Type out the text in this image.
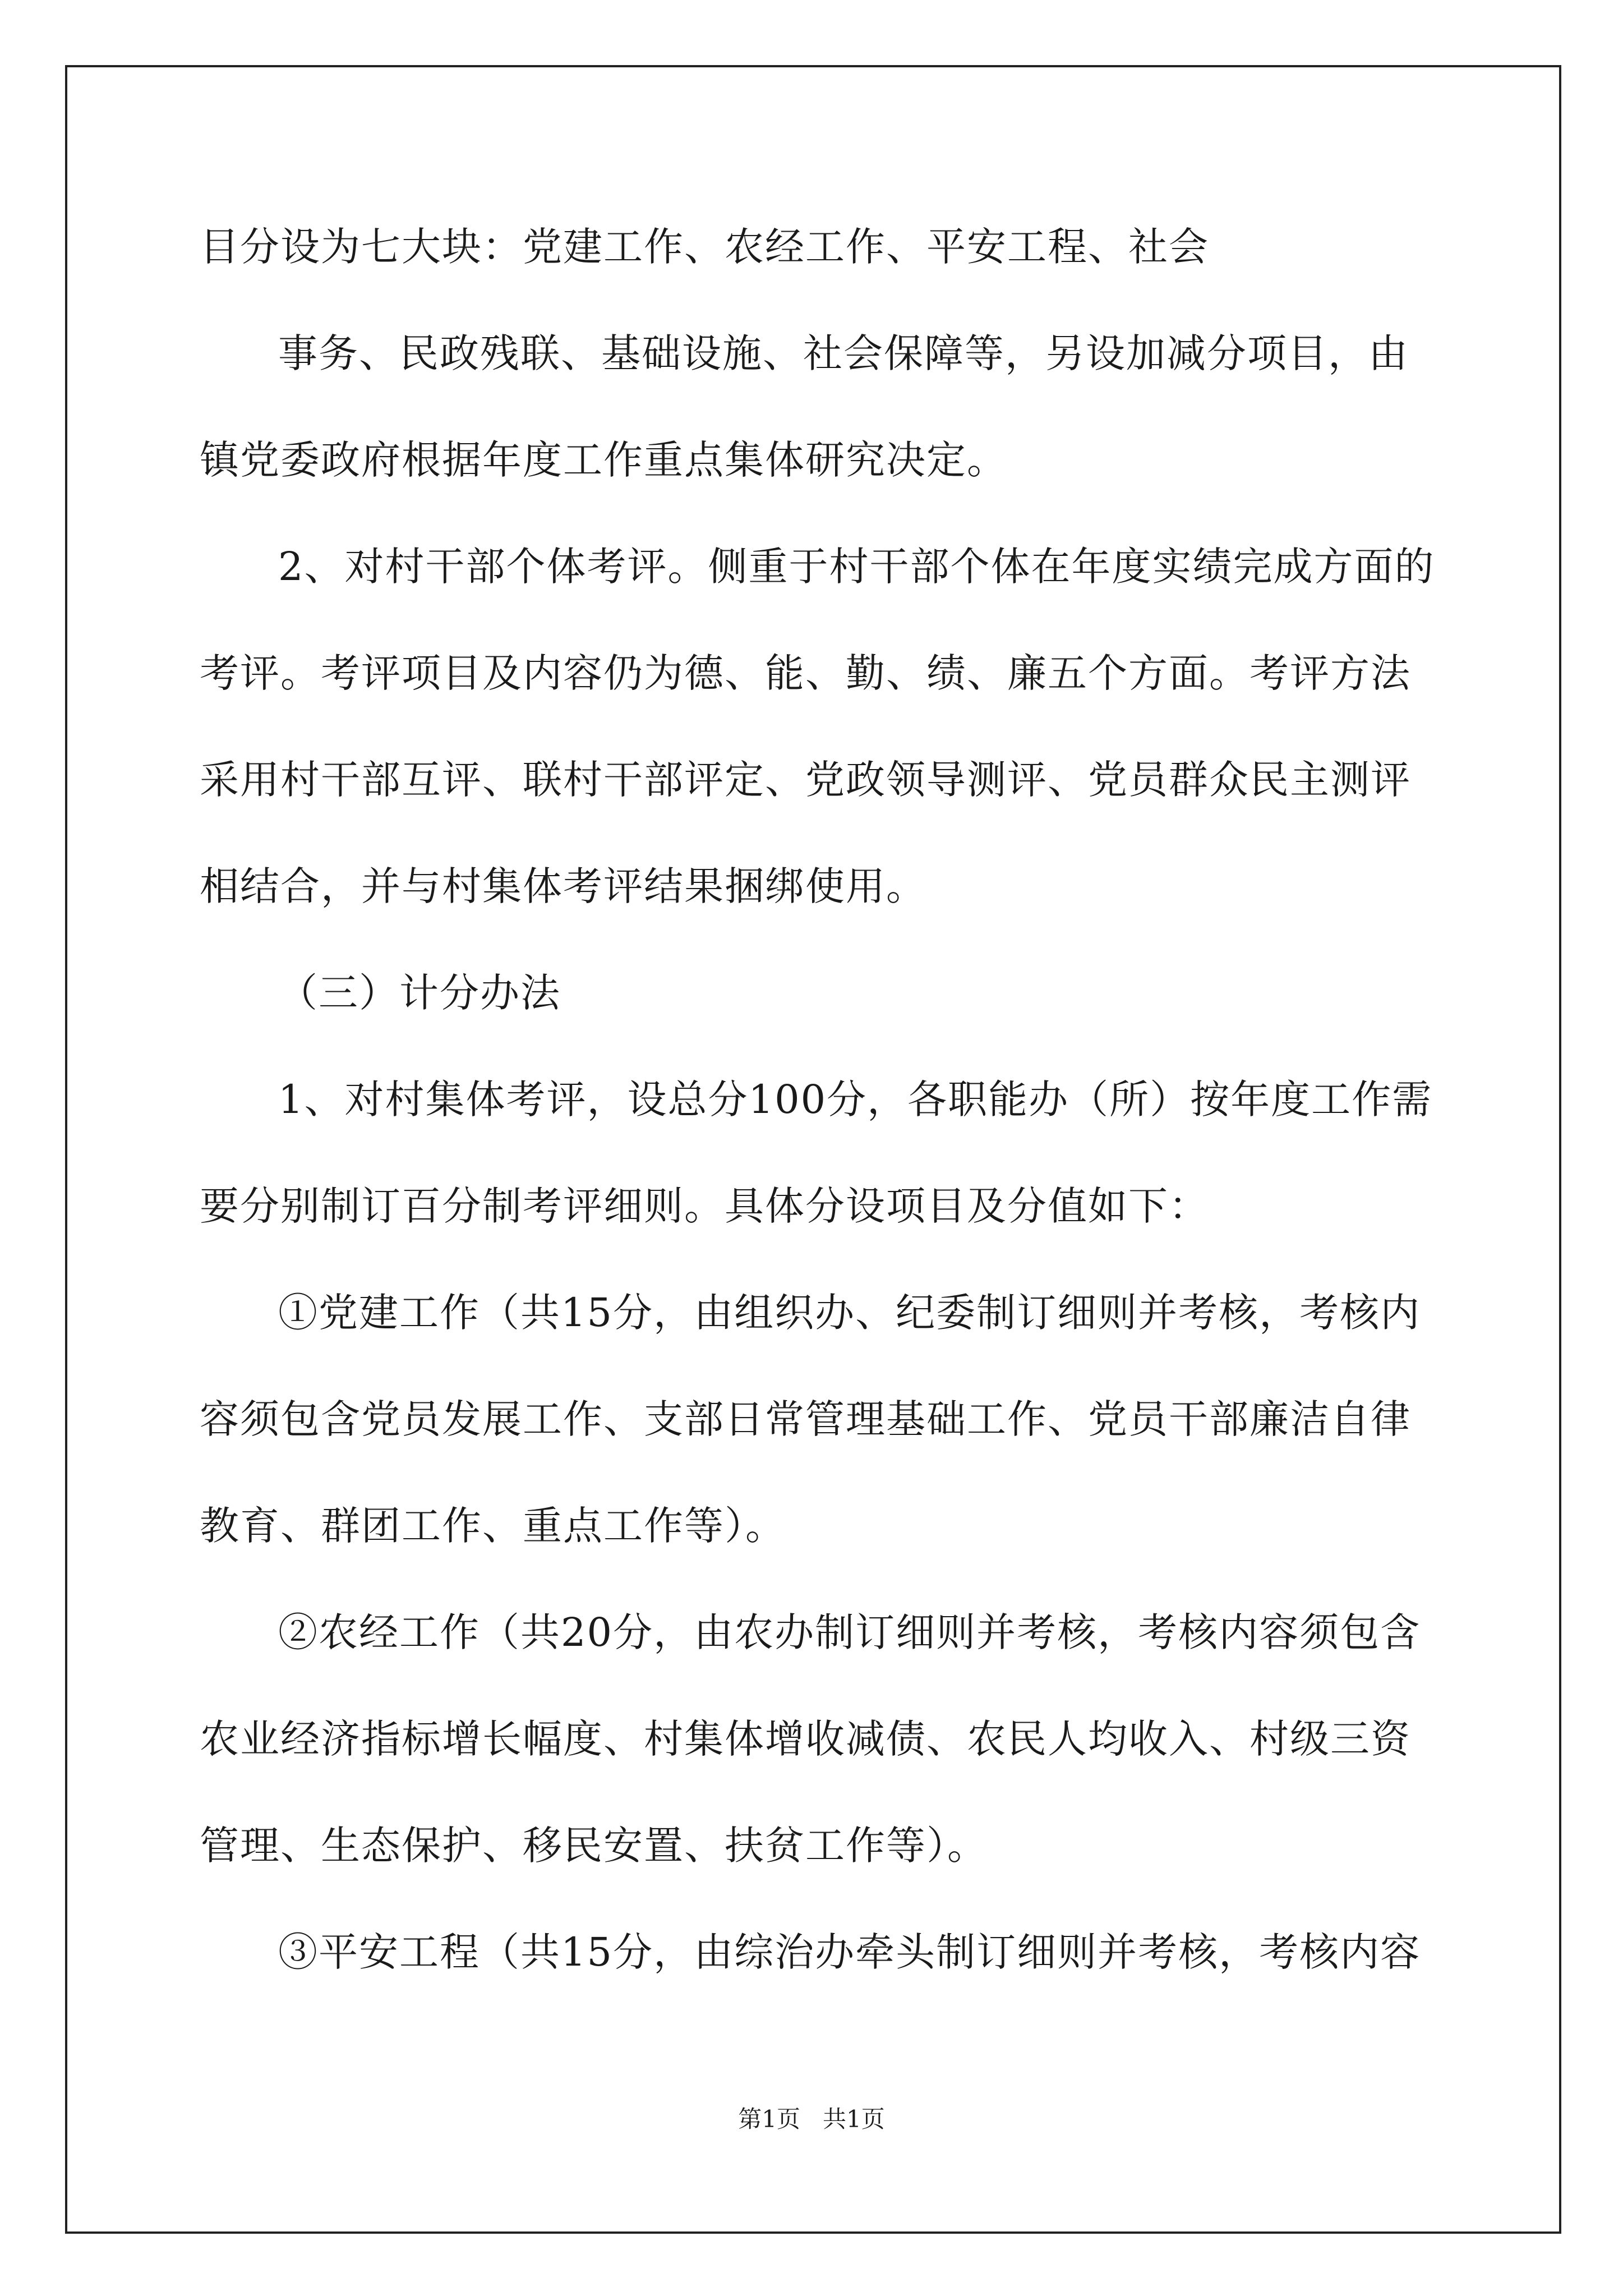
目分设为七大块：党建工作、农经工作、平安工程、社会
事务、民政残联、基础设施、社会保障等，另设加减分项目，由
镇党委政府根据年度工作重点集体研究决定。
2、对村干部个体考评。侧重于村干部个体在年度实绩完成方面的
考评。考评项目及内容仍为德、能、勤、绩、廉五个方面。考评方法
采用村干部互评、联村干部评定、党政领导测评、党员群众民主测评
相结合，并与村集体考评结果捆绑使用。
（三）计分办法
1、对村集体考评，设总分100分，各职能办（所）按年度工作需
要分别制订百分制考评细则。具体分设项目及分值如下：
①党建工作（共15分，由组织办、纪委制订细则并考核，考核内
容须包含党员发展工作、支部日常管理基础工作、党员干部廉洁自律
教育、群团工作、重点工作等）。
②农经工作（共20分，由农办制订细则并考核，考核内容须包含
农业经济指标增长幅度、村集体增收减债、农民人均收入、村级三资
管理、生态保护、移民安置、扶贫工作等）。
③平安工程（共15分，由综治办牵头制订细则并考核，考核内容
第1页 共1页
